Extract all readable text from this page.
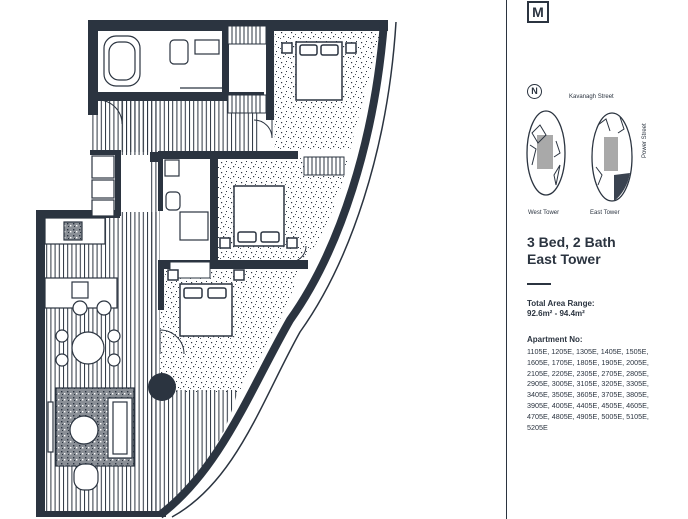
M
N
Kavanagh Street
Power Street
West Tower	East Tower
3 Bed, 2 Bath
East Tower
Total Area Range:
92.6m² - 94.4m²
Apartment No:
1105E, 1205E, 1305E, 1405E, 1505E, 1605E, 1705E, 1805E, 1905E, 2005E, 2105E, 2205E, 2305E, 2705E, 2805E, 2905E, 3005E, 3105E, 3205E, 3305E, 3405E, 3505E, 3605E, 3705E, 3805E, 3905E, 4005E, 4405E, 4505E, 4605E, 4705E, 4805E, 4905E, 5005E, 5105E, 5205E
